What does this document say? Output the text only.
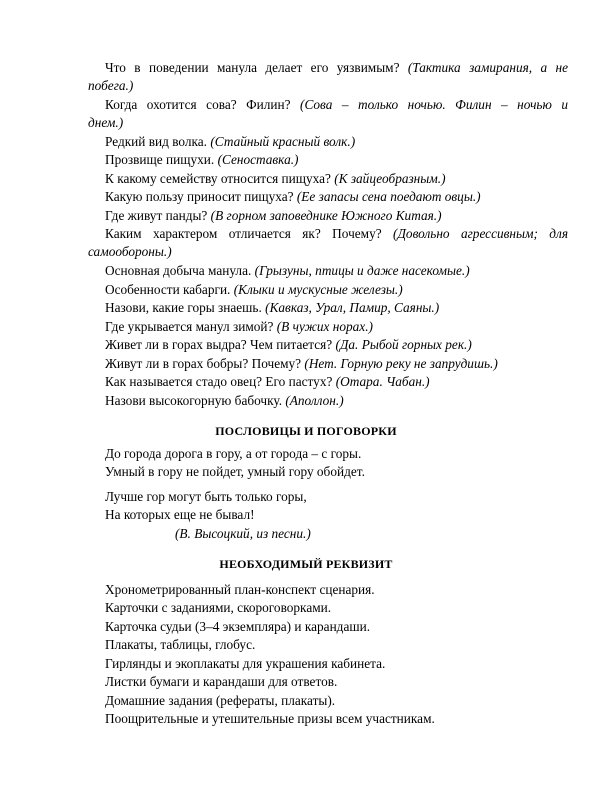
Что в поведении манула делает его уязвимым? (Тактика замирания, а не
побега.)
Когда охотится сова? Филин? (Сова – только ночью. Филин – ночью и
днем.)
Редкий вид волка. (Стайный красный волк.)
Прозвище пищухи. (Сеноставка.)
К какому семейству относится пищуха? (К зайцеобразным.)
Какую пользу приносит пищуха? (Ее запасы сена поедают овцы.)
Где живут панды? (В горном заповеднике Южного Китая.)
Каким характером отличается як? Почему? (Довольно агрессивным; для
самообороны.)
Основная добыча манула. (Грызуны, птицы и даже насекомые.)
Особенности кабарги. (Клыки и мускусные железы.)
Назови, какие горы знаешь. (Кавказ, Урал, Памир, Саяны.)
Где укрывается манул зимой? (В чужих норах.)
Живет ли в горах выдра? Чем питается? (Да. Рыбой горных рек.)
Живут ли в горах бобры? Почему? (Нет. Горную реку не запрудишь.)
Как называется стадо овец? Его пастух? (Отара. Чабан.)
Назови высокогорную бабочку. (Аполлон.)
ПОСЛОВИЦЫ И ПОГОВОРКИ
До города дорога в гору, а от города – с горы.
Умный в гору не пойдет, умный гору обойдет.
Лучше гор могут быть только горы,
На которых еще не бывал!
(В. Высоцкий, из песни.)
НЕОБХОДИМЫЙ РЕКВИЗИТ
Хронометрированный план-конспект сценария.
Карточки с заданиями, скороговорками.
Карточка судьи (3–4 экземпляра) и карандаши.
Плакаты, таблицы, глобус.
Гирлянды и экоплакаты для украшения кабинета.
Листки бумаги и карандаши для ответов.
Домашние задания (рефераты, плакаты).
Поощрительные и утешительные призы всем участникам.
